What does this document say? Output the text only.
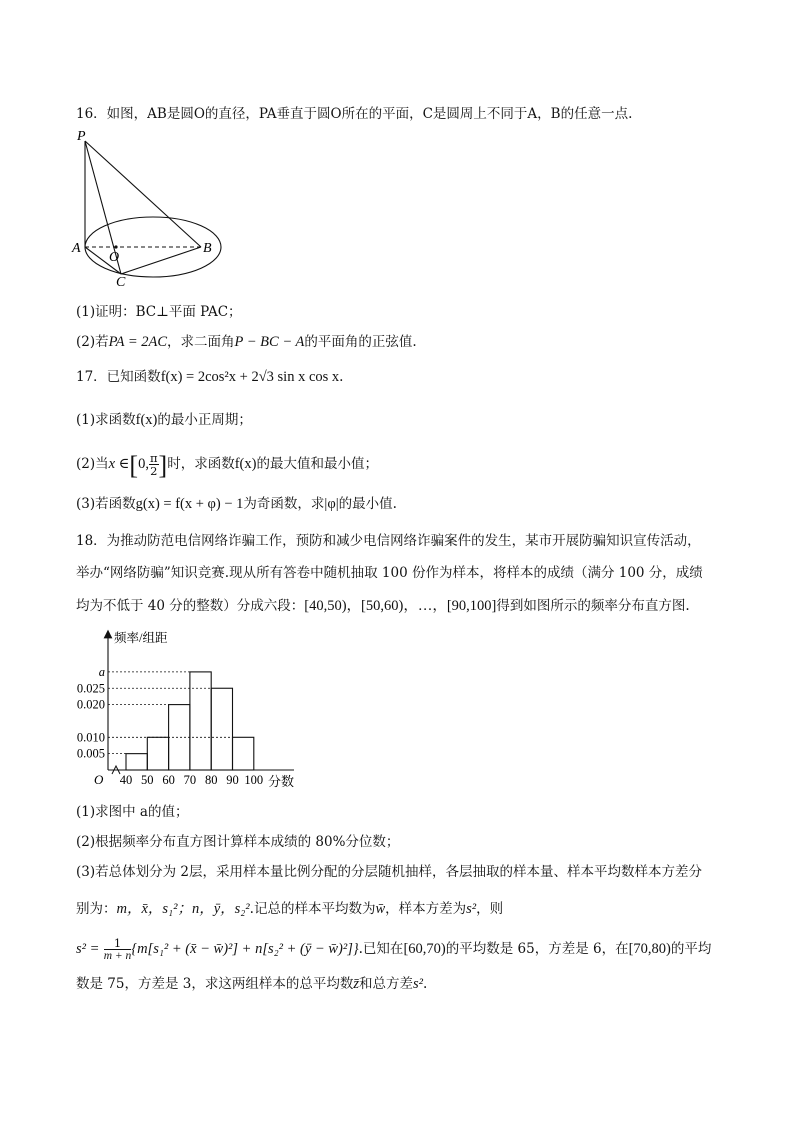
16．如图，AB是圆O的直径，PA垂直于圆O所在的平面，C是圆周上不同于A，B的任意一点.
P
A	B
C
O
(1)证明：BC⊥平面 PAC；
(2)若PA = 2AC，求二面角P − BC − A的平面角的正弦值.
17．已知函数f(x) = 2cos²x + 2√3 sin x cos x.
(1)求函数f(x)的最小正周期；
(2)当x ∈[0, $\frac{\pi}{2}$ ]时，求函数f(x)的最大值和最小值；
(3)若函数g(x) = f(x + φ) − 1为奇函数，求|φ|的最小值.
18．为推动防范电信网络诈骗工作，预防和减少电信网络诈骗案件的发生，某市开展防骗知识宣传活动，
举办“网络防骗”知识竞赛.现从所有答卷中随机抽取 100 份作为样本，将样本的成绩（满分 100 分，成绩
均为不低于 40 分的整数）分成六段：[40,50)，[50,60)，…，[90,100]得到如图所示的频率分布直方图.
0.005
0.010
0.020
0.025
a
40 50 60 70 80 90 100
O
频率/组距
分数
(1)求图中 a的值；
(2)根据频率分布直方图计算样本成绩的 80%分位数；
(3)若总体划分为 2层，采用样本量比例分配的分层随机抽样，各层抽取的样本量、样本平均数样本方差分
别为：m，x̄，s₁²；n，ȳ，s₂².记总的样本平均数为w̄，样本方差为s²，则
$s^2 = \frac{1}{m + n} \{m[s_1^2$ + (x̄ − w̄)²] + n[s₂² + (ȳ − w̄)²]}.已知在[60,70)的平均数是 65，方差是 6，在[70,80)的平均
数是 75，方差是 3，求这两组样本的总平均数z̄和总方差s².
